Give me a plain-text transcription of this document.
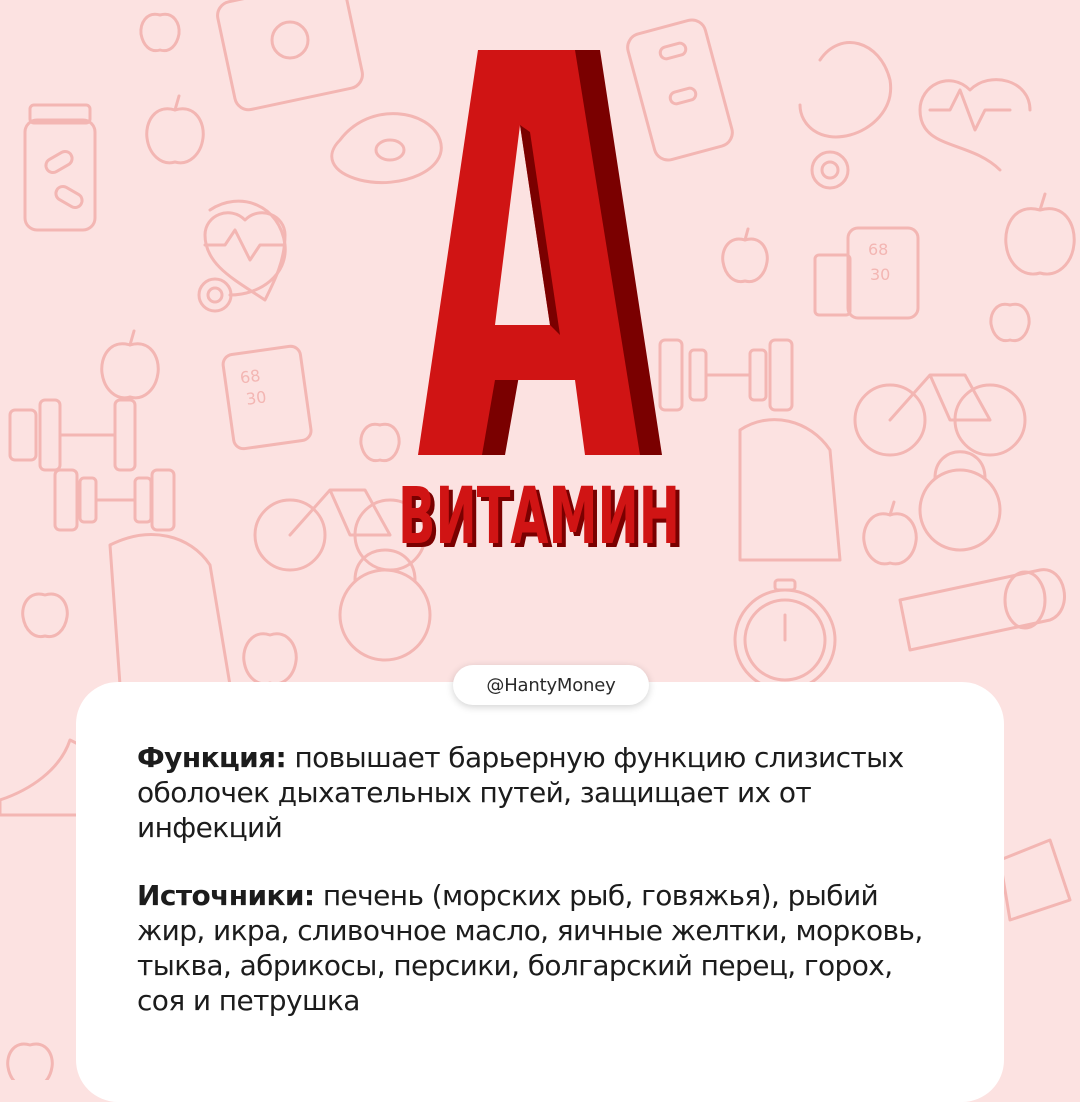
68
30
68
30
ВИТАМИН
ВИТАМИН
@HantyMoney
Функция: повышает барьерную функцию слизистых оболочек дыхательных путей, защищает их от инфекций
Источники: печень (морских рыб, говяжья), рыбий жир, икра, сливочное масло, яичные желтки, морковь, тыква, абрикосы, персики, болгарский перец, горох, соя и петрушка
